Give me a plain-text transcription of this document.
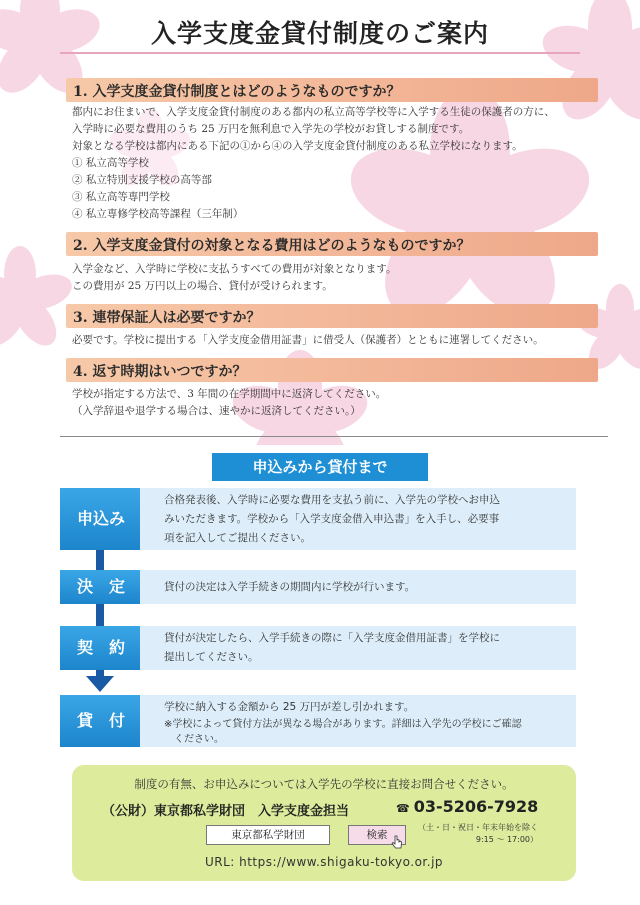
入学支度金貸付制度のご案内
1. 入学支度金貸付制度とはどのようなものですか？
都内にお住まいで、入学支度金貸付制度のある都内の私立高等学校等に入学する生徒の保護者の方に、
入学時に必要な費用のうち 25 万円を無利息で入学先の学校がお貸しする制度です。
対象となる学校は都内にある下記の①から④の入学支度金貸付制度のある私立学校になります。
① 私立高等学校
② 私立特別支援学校の高等部
③ 私立高等専門学校
④ 私立専修学校高等課程（三年制）
2. 入学支度金貸付の対象となる費用はどのようなものですか？
入学金など、入学時に学校に支払うすべての費用が対象となります。
この費用が 25 万円以上の場合、貸付が受けられます。
3. 連帯保証人は必要ですか？
必要です。学校に提出する「入学支度金借用証書」に借受人（保護者）とともに連署してください。
4. 返す時期はいつですか？
学校が指定する方法で、3 年間の在学期間中に返済してください。
（入学辞退や退学する場合は、速やかに返済してください。）
申込みから貸付まで
申込み
合格発表後、入学時に必要な費用を支払う前に、入学先の学校へお申込
みいただきます。学校から「入学支度金借入申込書」を入手し、必要事
項を記入してご提出ください。
決　定	貸付の決定は入学手続きの期間内に学校が行います。
契　約	貸付が決定したら、入学手続きの際に「入学支度金借用証書」を学校に
提出してください。
貸　付
学校に納入する金額から 25 万円が差し引かれます。
※学校によって貸付方法が異なる場合があります。詳細は入学先の学校にご確認
　ください。
制度の有無、お申込みについては入学先の学校に直接お問合せください。
（公財）東京都私学財団　入学支度金担当	☎ 03-5206-7928
（土・日・祝日・年末年始を除く
9:15 ～ 17:00）
東京都私学財団	検索
URL: https://www.shigaku-tokyo.or.jp
